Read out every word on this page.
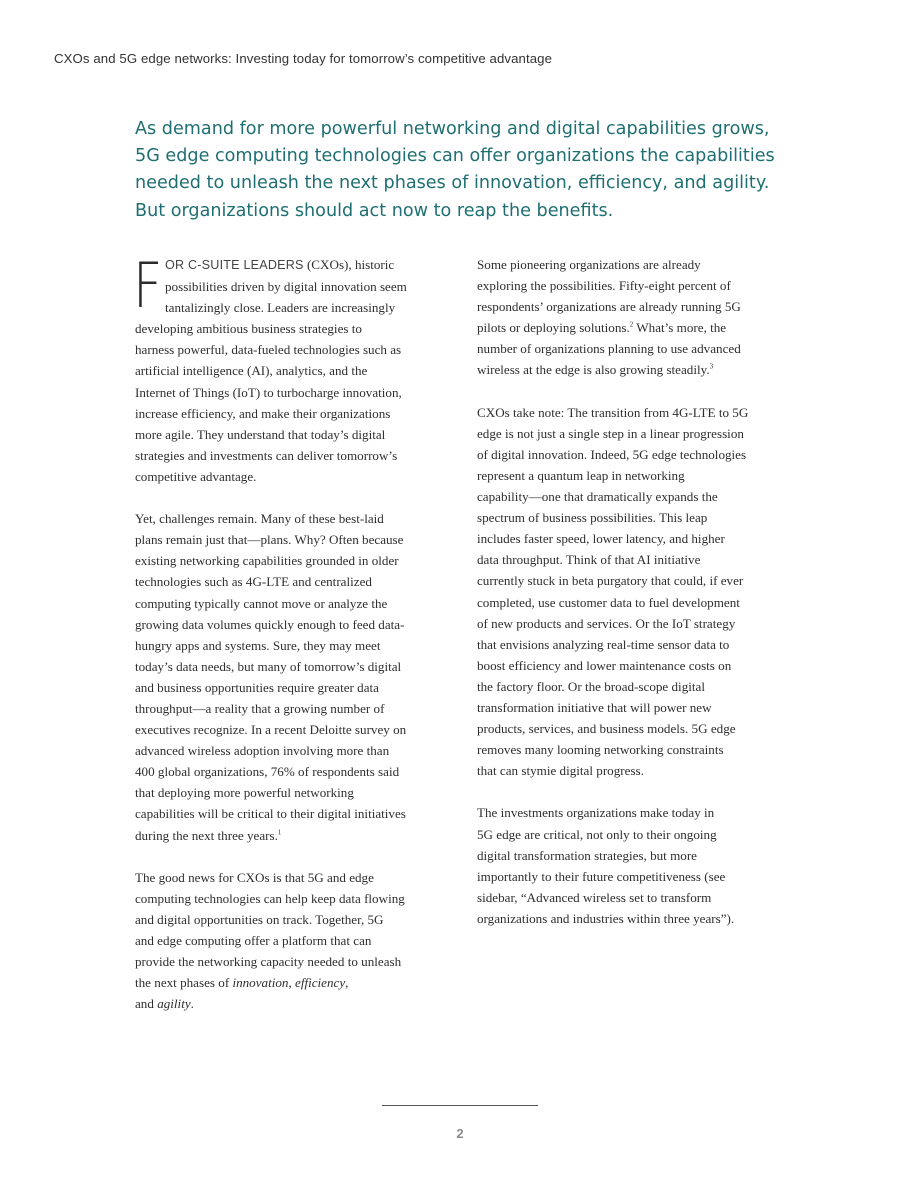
CXOs and 5G edge networks: Investing today for tomorrow’s competitive advantage
As demand for more powerful networking and digital capabilities grows,
5G edge computing technologies can offer organizations the capabilities
needed to unleash the next phases of innovation, efficiency, and agility.
But organizations should act now to reap the benefits.

F OR C-SUITE LEADERS (CXOs), historic
possibilities driven by digital innovation seem
tantalizingly close. Leaders are increasingly
developing ambitious business strategies to
harness powerful, data-fueled technologies such as
artificial intelligence (AI), analytics, and the
Internet of Things (IoT) to turbocharge innovation,
increase efficiency, and make their organizations
more agile. They understand that today’s digital
strategies and investments can deliver tomorrow’s
competitive advantage.

Yet, challenges remain. Many of these best-laid
plans remain just that—plans. Why? Often because
existing networking capabilities grounded in older
technologies such as 4G-LTE and centralized
computing typically cannot move or analyze the
growing data volumes quickly enough to feed data-
hungry apps and systems. Sure, they may meet
today’s data needs, but many of tomorrow’s digital
and business opportunities require greater data
throughput—a reality that a growing number of
executives recognize. In a recent Deloitte survey on
advanced wireless adoption involving more than
400 global organizations, 76% of respondents said
that deploying more powerful networking
capabilities will be critical to their digital initiatives
during the next three years.$^1$

The good news for CXOs is that 5G and edge
computing technologies can help keep data flowing
and digital opportunities on track. Together, 5G
and edge computing offer a platform that can
provide the networking capacity needed to unleash
the next phases of innovation, efficiency,
and agility.

Some pioneering organizations are already
exploring the possibilities. Fifty-eight percent of
respondents’ organizations are already running 5G
pilots or deploying solutions.$^2$ What’s more, the
number of organizations planning to use advanced
wireless at the edge is also growing steadily.$^3$

CXOs take note: The transition from 4G-LTE to 5G
edge is not just a single step in a linear progression
of digital innovation. Indeed, 5G edge technologies
represent a quantum leap in networking
capability—one that dramatically expands the
spectrum of business possibilities. This leap
includes faster speed, lower latency, and higher
data throughput. Think of that AI initiative
currently stuck in beta purgatory that could, if ever
completed, use customer data to fuel development
of new products and services. Or the IoT strategy
that envisions analyzing real-time sensor data to
boost efficiency and lower maintenance costs on
the factory floor. Or the broad-scope digital
transformation initiative that will power new
products, services, and business models. 5G edge
removes many looming networking constraints
that can stymie digital progress.

The investments organizations make today in
5G edge are critical, not only to their ongoing
digital transformation strategies, but more
importantly to their future competitiveness (see
sidebar, “Advanced wireless set to transform
organizations and industries within three years”).

2
